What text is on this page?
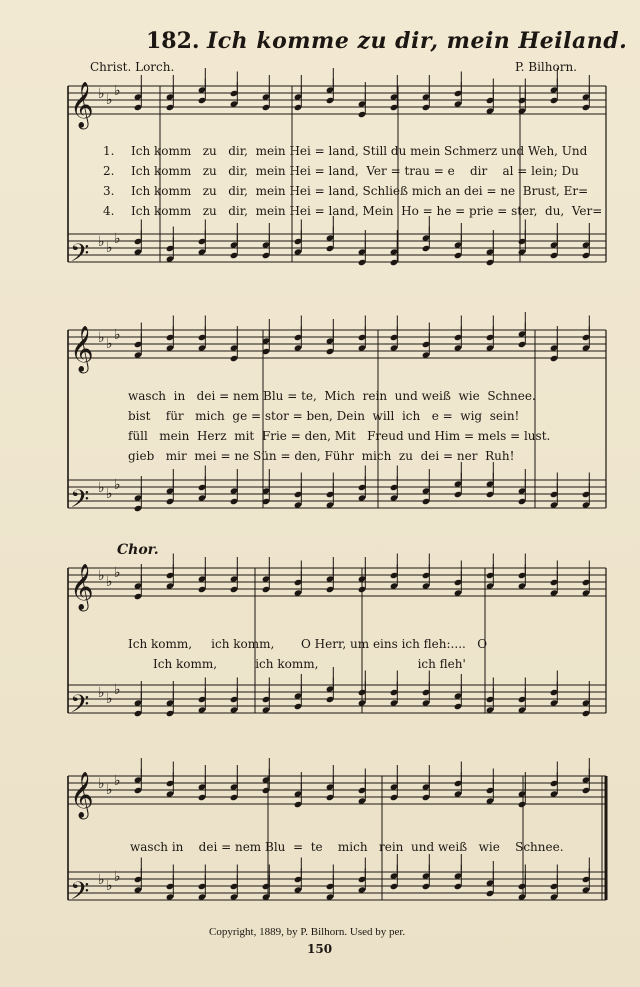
𝄞 ♭ ♭
♭
𝄢 ♭ ♭
♭
𝄞 ♭ ♭
♭
𝄢 ♭ ♭
♭
𝄞 ♭ ♭
♭
𝄢 ♭ ♭
♭
𝄞 ♭ ♭
♭
𝄢 ♭ ♭
♭
182. Ich komme zu dir, mein Heiland.
Christ. Lorch.	P. Bilhorn.
1. Ich komm   zu   dir,  mein Hei = land, Still du mein Schmerz und Weh, Und
2. Ich komm   zu   dir,  mein Hei = land,  Ver = trau = e    dir    al = lein; Du
3. Ich komm   zu   dir,  mein Hei = land, Schließ mich an dei = ne  Brust, Er=
4. Ich komm   zu   dir,  mein Hei = land, Mein  Ho = he = prie = ster,  du,  Ver=
wasch  in   dei = nem Blu = te,  Mich  rein  und weiß  wie  Schnee.
bist    für   mich  ge = stor = ben, Dein  will  ich   e =  wig  sein!
füll   mein  Herz  mit  Frie = den, Mit   Freud und Him = mels = lust.
gieb   mir  mei = ne Sün = den, Führ  mich  zu  dei = ner  Ruh!
Chor.
Ich komm,     ich komm,       O Herr, um eins ich fleh:....   O
Ich komm,          ich komm,                          ich fleh'
wasch in    dei = nem Blu  =  te    mich   rein  und weiß   wie    Schnee.
Copyright, 1889, by P. Bilhorn. Used by per.
150
